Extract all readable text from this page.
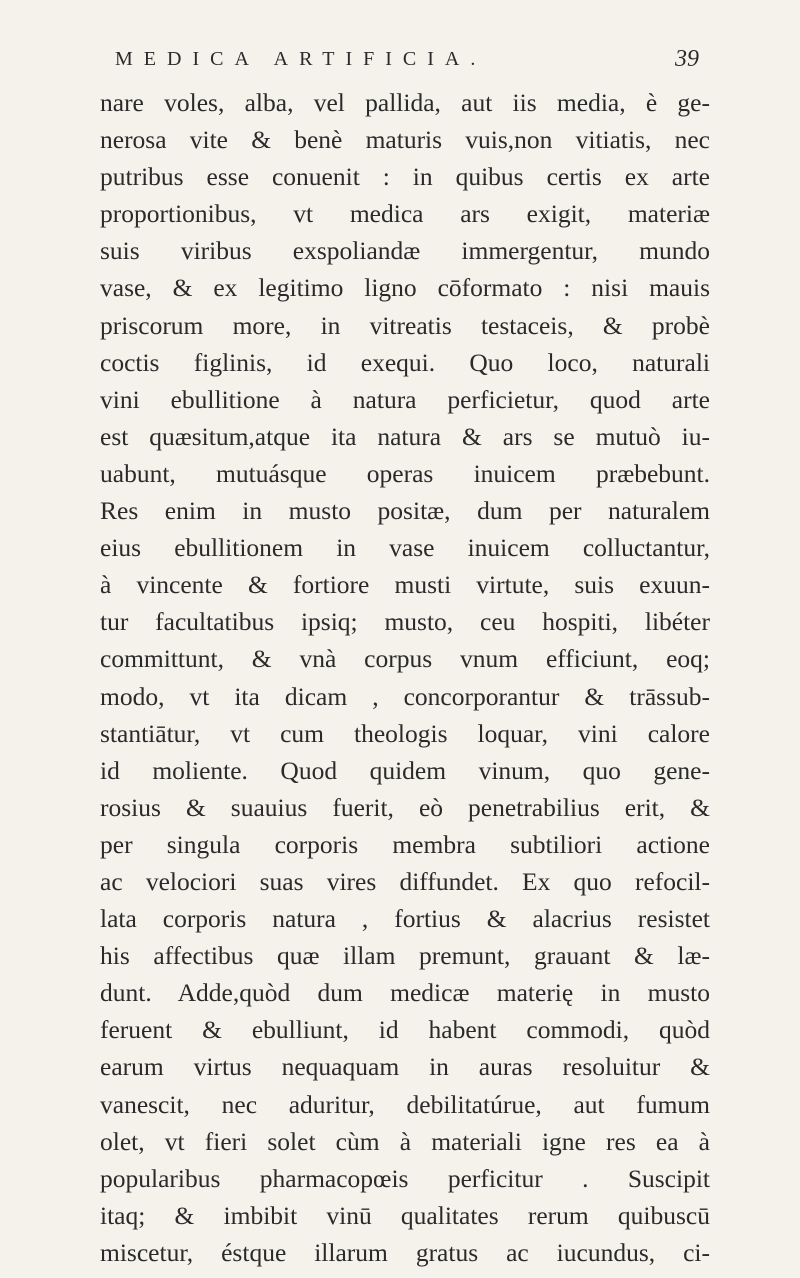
MEDICA ARTIFICIA.	39
nare voles, alba, vel pallida, aut iis media, è ge-
nerosa vite & benè maturis vuis,non vitiatis, nec
putribus esse conuenit : in quibus certis ex arte
proportionibus, vt medica ars exigit, materiæ
suis viribus exspoliandæ immergentur, mundo
vase, & ex legitimo ligno cōformato : nisi mauis
priscorum more, in vitreatis testaceis, & probè
coctis figlinis, id exequi. Quo loco, naturali
vini ebullitione à natura perficietur, quod arte
est quæsitum,atque ita natura & ars se mutuò iu-
uabunt, mutuásque operas inuicem præbebunt.
Res enim in musto positæ, dum per naturalem
eius ebullitionem in vase inuicem colluctantur,
à vincente & fortiore musti virtute, suis exuun-
tur facultatibus ipsiq; musto, ceu hospiti, libéter
committunt, & vnà corpus vnum efficiunt, eoq;
modo, vt ita dicam , concorporantur & trāssub-
stantiātur, vt cum theologis loquar, vini calore
id moliente. Quod quidem vinum, quo gene-
rosius & suauius fuerit, eò penetrabilius erit, &
per singula corporis membra subtiliori actione
ac velociori suas vires diffundet. Ex quo refocil-
lata corporis natura , fortius & alacrius resistet
his affectibus quæ illam premunt, grauant & læ-
dunt. Adde,quòd dum medicæ materię in musto
feruent & ebulliunt, id habent commodi, quòd
earum virtus nequaquam in auras resoluitur &
vanescit, nec aduritur, debilitatúrue, aut fumum
olet, vt fieri solet cùm à materiali igne res ea à
popularibus pharmacopœis perficitur . Suscipit
itaq; & imbibit vinū qualitates rerum quibuscū
miscetur, éstque illarum gratus ac iucundus, ci-
